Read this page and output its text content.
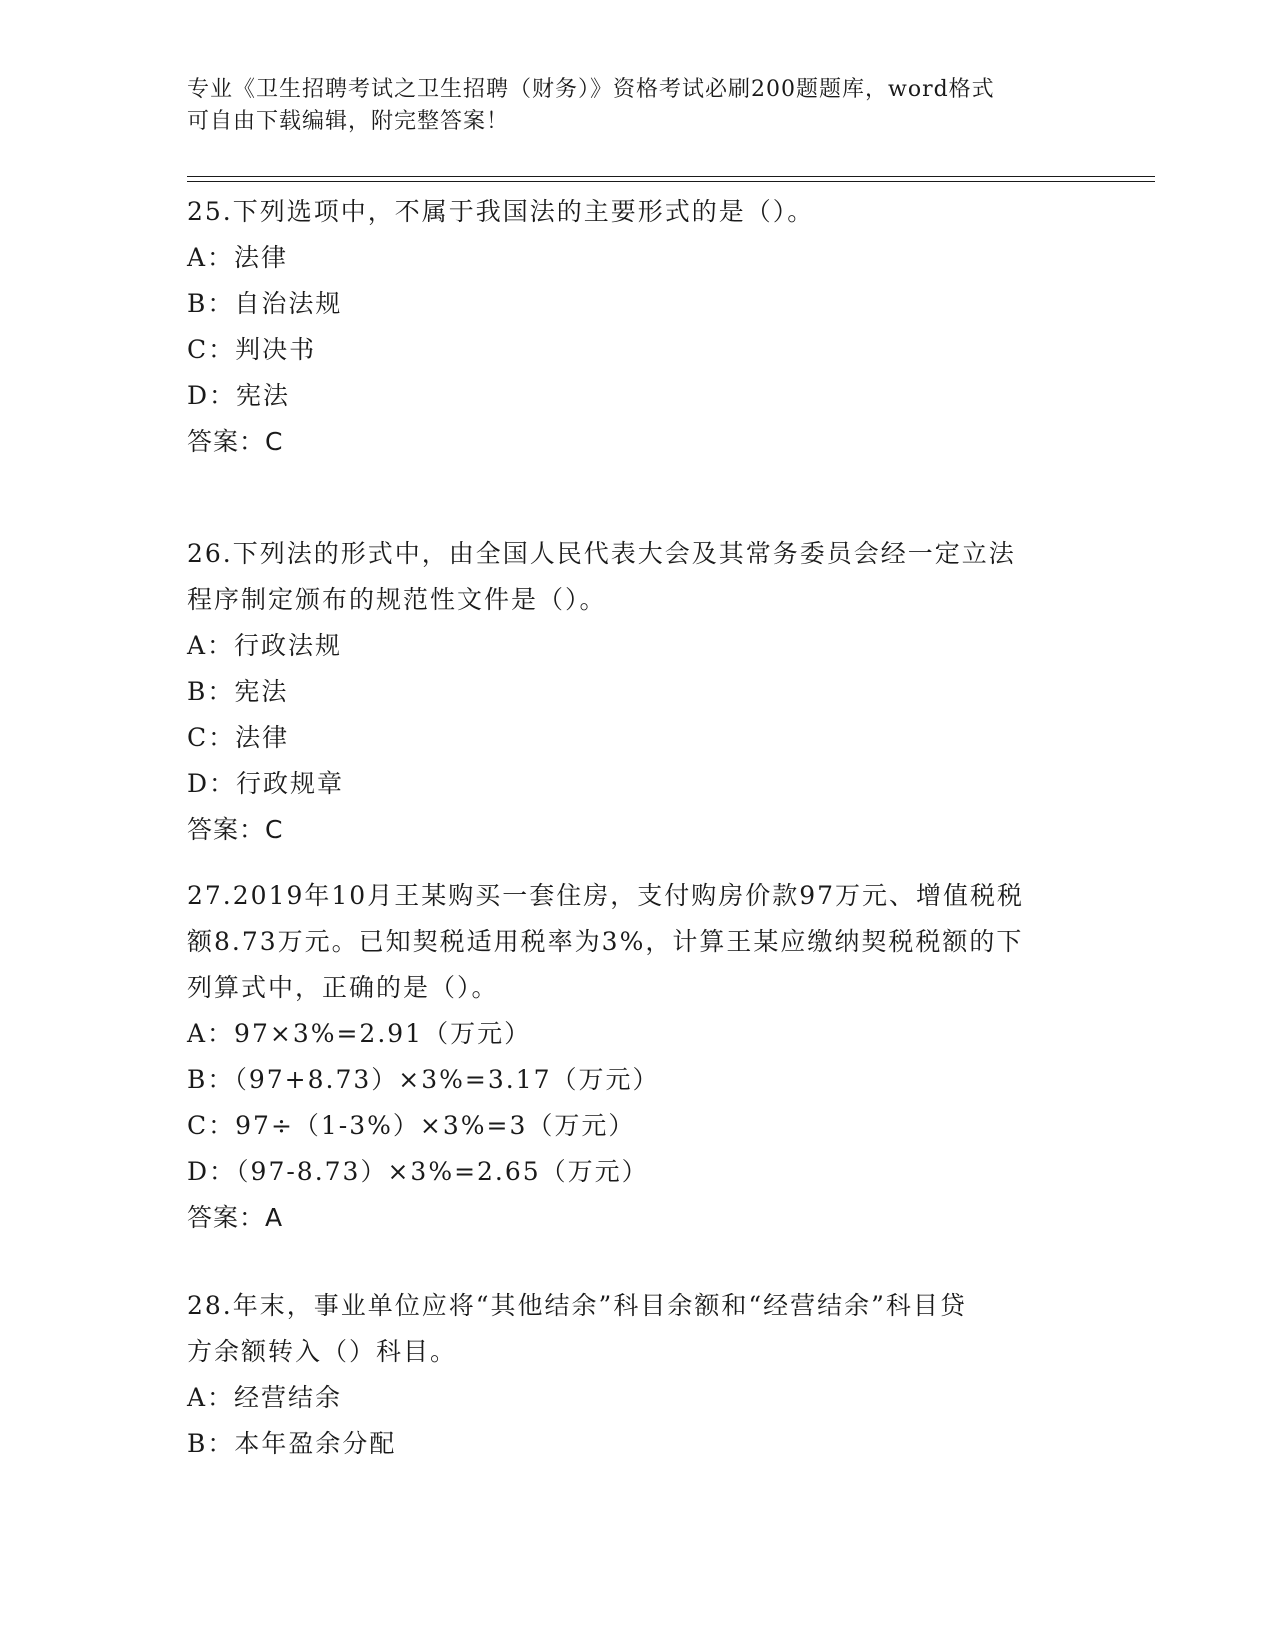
专业《卫生招聘考试之卫生招聘（财务）》资格考试必刷200题题库，word格式
可自由下载编辑，附完整答案！
25.下列选项中，不属于我国法的主要形式的是（）。
A：法律
B：自治法规
C：判决书
D：宪法
答案：C
26.下列法的形式中，由全国人民代表大会及其常务委员会经一定立法
程序制定颁布的规范性文件是（）。
A：行政法规
B：宪法
C：法律
D：行政规章
答案：C
27.2019年10月王某购买一套住房，支付购房价款97万元、增值税税
额8.73万元。已知契税适用税率为3%，计算王某应缴纳契税税额的下
列算式中，正确的是（）。
A：97×3%=2.91（万元）
B：（97+8.73）×3%=3.17（万元）
C：97÷（1-3%）×3%=3（万元）
D：（97-8.73）×3%=2.65（万元）
答案：A
28.年末，事业单位应将“其他结余”科目余额和“经营结余”科目贷
方余额转入（）科目。
A：经营结余
B：本年盈余分配
